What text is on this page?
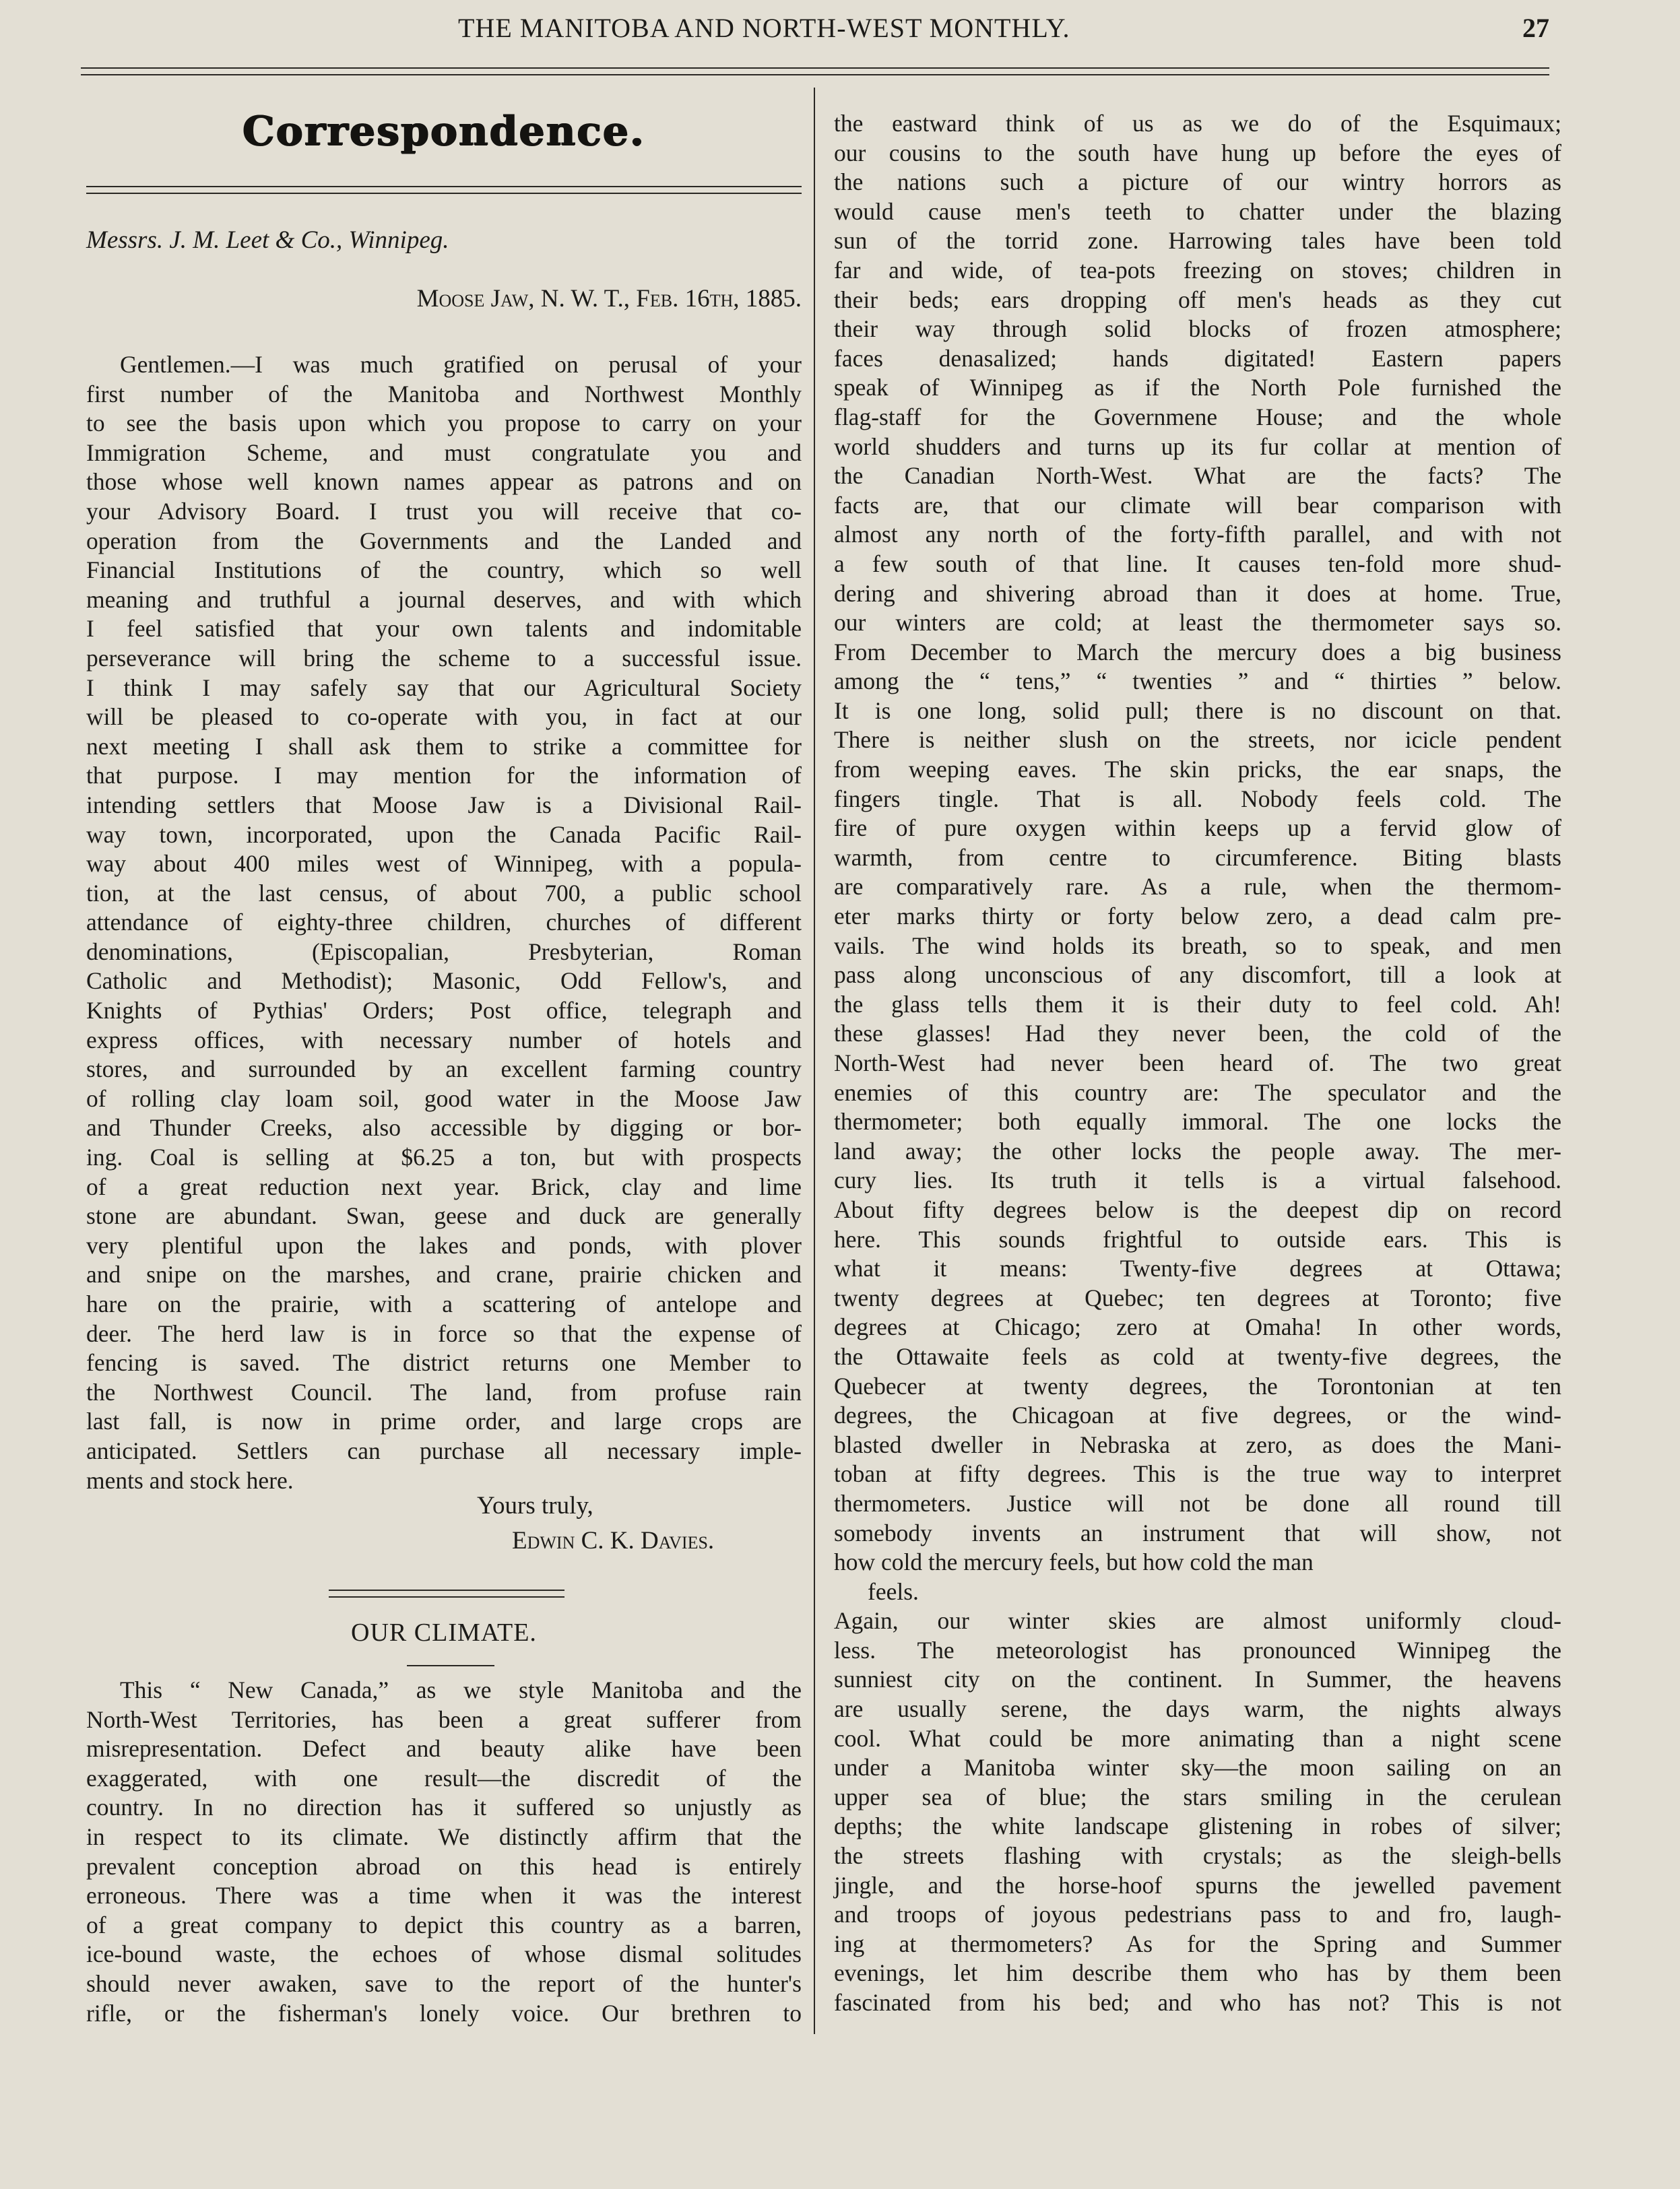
THE MANITOBA AND NORTH-WEST MONTHLY.	27
Correspondence.
Messrs. J. M. Leet & Co., Winnipeg.
Moose Jaw, N. W. T., Feb. 16th, 1885.
Gentlemen.—I was much gratified on perusal of your
first number of the Manitoba and Northwest Monthly
to see the basis upon which you propose to carry on your
Immigration Scheme, and must congratulate you and
those whose well known names appear as patrons and on
your Advisory Board. I trust you will receive that co-
operation from the Governments and the Landed and
Financial Institutions of the country, which so well
meaning and truthful a journal deserves, and with which
I feel satisfied that your own talents and indomitable
perseverance will bring the scheme to a successful issue.
I think I may safely say that our Agricultural Society
will be pleased to co-operate with you, in fact at our
next meeting I shall ask them to strike a committee for
that purpose. I may mention for the information of
intending settlers that Moose Jaw is a Divisional Rail-
way town, incorporated, upon the Canada Pacific Rail-
way about 400 miles west of Winnipeg, with a popula-
tion, at the last census, of about 700, a public school
attendance of eighty-three children, churches of different
denominations, (Episcopalian, Presbyterian, Roman
Catholic and Methodist); Masonic, Odd Fellow's, and
Knights of Pythias' Orders; Post office, telegraph and
express offices, with necessary number of hotels and
stores, and surrounded by an excellent farming country
of rolling clay loam soil, good water in the Moose Jaw
and Thunder Creeks, also accessible by digging or bor-
ing. Coal is selling at $6.25 a ton, but with prospects
of a great reduction next year. Brick, clay and lime
stone are abundant. Swan, geese and duck are generally
very plentiful upon the lakes and ponds, with plover
and snipe on the marshes, and crane, prairie chicken and
hare on the prairie, with a scattering of antelope and
deer. The herd law is in force so that the expense of
fencing is saved. The district returns one Member to
the Northwest Council. The land, from profuse rain
last fall, is now in prime order, and large crops are
anticipated. Settlers can purchase all necessary imple-
ments and stock here.
Yours truly,
Edwin C. K. Davies.
OUR CLIMATE.
This “ New Canada,” as we style Manitoba and the
North-West Territories, has been a great sufferer from
misrepresentation. Defect and beauty alike have been
exaggerated, with one result—the discredit of the
country. In no direction has it suffered so unjustly as
in respect to its climate. We distinctly affirm that the
prevalent conception abroad on this head is entirely
erroneous. There was a time when it was the interest
of a great company to depict this country as a barren,
ice-bound waste, the echoes of whose dismal solitudes
should never awaken, save to the report of the hunter's
rifle, or the fisherman's lonely voice. Our brethren to
the eastward think of us as we do of the Esquimaux;
our cousins to the south have hung up before the eyes of
the nations such a picture of our wintry horrors as
would cause men's teeth to chatter under the blazing
sun of the torrid zone. Harrowing tales have been told
far and wide, of tea-pots freezing on stoves; children in
their beds; ears dropping off men's heads as they cut
their way through solid blocks of frozen atmosphere;
faces denasalized; hands digitated! Eastern papers
speak of Winnipeg as if the North Pole furnished the
flag-staff for the Governmene House; and the whole
world shudders and turns up its fur collar at mention of
the Canadian North-West. What are the facts? The
facts are, that our climate will bear comparison with
almost any north of the forty-fifth parallel, and with not
a few south of that line. It causes ten-fold more shud-
dering and shivering abroad than it does at home. True,
our winters are cold; at least the thermometer says so.
From December to March the mercury does a big business
among the “ tens,” “ twenties ” and “ thirties ” below.
It is one long, solid pull; there is no discount on that.
There is neither slush on the streets, nor icicle pendent
from weeping eaves. The skin pricks, the ear snaps, the
fingers tingle. That is all. Nobody feels cold. The
fire of pure oxygen within keeps up a fervid glow of
warmth, from centre to circumference. Biting blasts
are comparatively rare. As a rule, when the thermom-
eter marks thirty or forty below zero, a dead calm pre-
vails. The wind holds its breath, so to speak, and men
pass along unconscious of any discomfort, till a look at
the glass tells them it is their duty to feel cold. Ah!
these glasses! Had they never been, the cold of the
North-West had never been heard of. The two great
enemies of this country are: The speculator and the
thermometer; both equally immoral. The one locks the
land away; the other locks the people away. The mer-
cury lies. Its truth it tells is a virtual falsehood.
About fifty degrees below is the deepest dip on record
here. This sounds frightful to outside ears. This is
what it means: Twenty-five degrees at Ottawa;
twenty degrees at Quebec; ten degrees at Toronto; five
degrees at Chicago; zero at Omaha! In other words,
the Ottawaite feels as cold at twenty-five degrees, the
Quebecer at twenty degrees, the Torontonian at ten
degrees, the Chicagoan at five degrees, or the wind-
blasted dweller in Nebraska at zero, as does the Mani-
toban at fifty degrees. This is the true way to interpret
thermometers. Justice will not be done all round till
somebody invents an instrument that will show, not
how cold the mercury feels, but how cold the man
feels.
Again, our winter skies are almost uniformly cloud-
less. The meteorologist has pronounced Winnipeg the
sunniest city on the continent. In Summer, the heavens
are usually serene, the days warm, the nights always
cool. What could be more animating than a night scene
under a Manitoba winter sky—the moon sailing on an
upper sea of blue; the stars smiling in the cerulean
depths; the white landscape glistening in robes of silver;
the streets flashing with crystals; as the sleigh-bells
jingle, and the horse-hoof spurns the jewelled pavement
and troops of joyous pedestrians pass to and fro, laugh-
ing at thermometers? As for the Spring and Summer
evenings, let him describe them who has by them been
fascinated from his bed; and who has not? This is not
